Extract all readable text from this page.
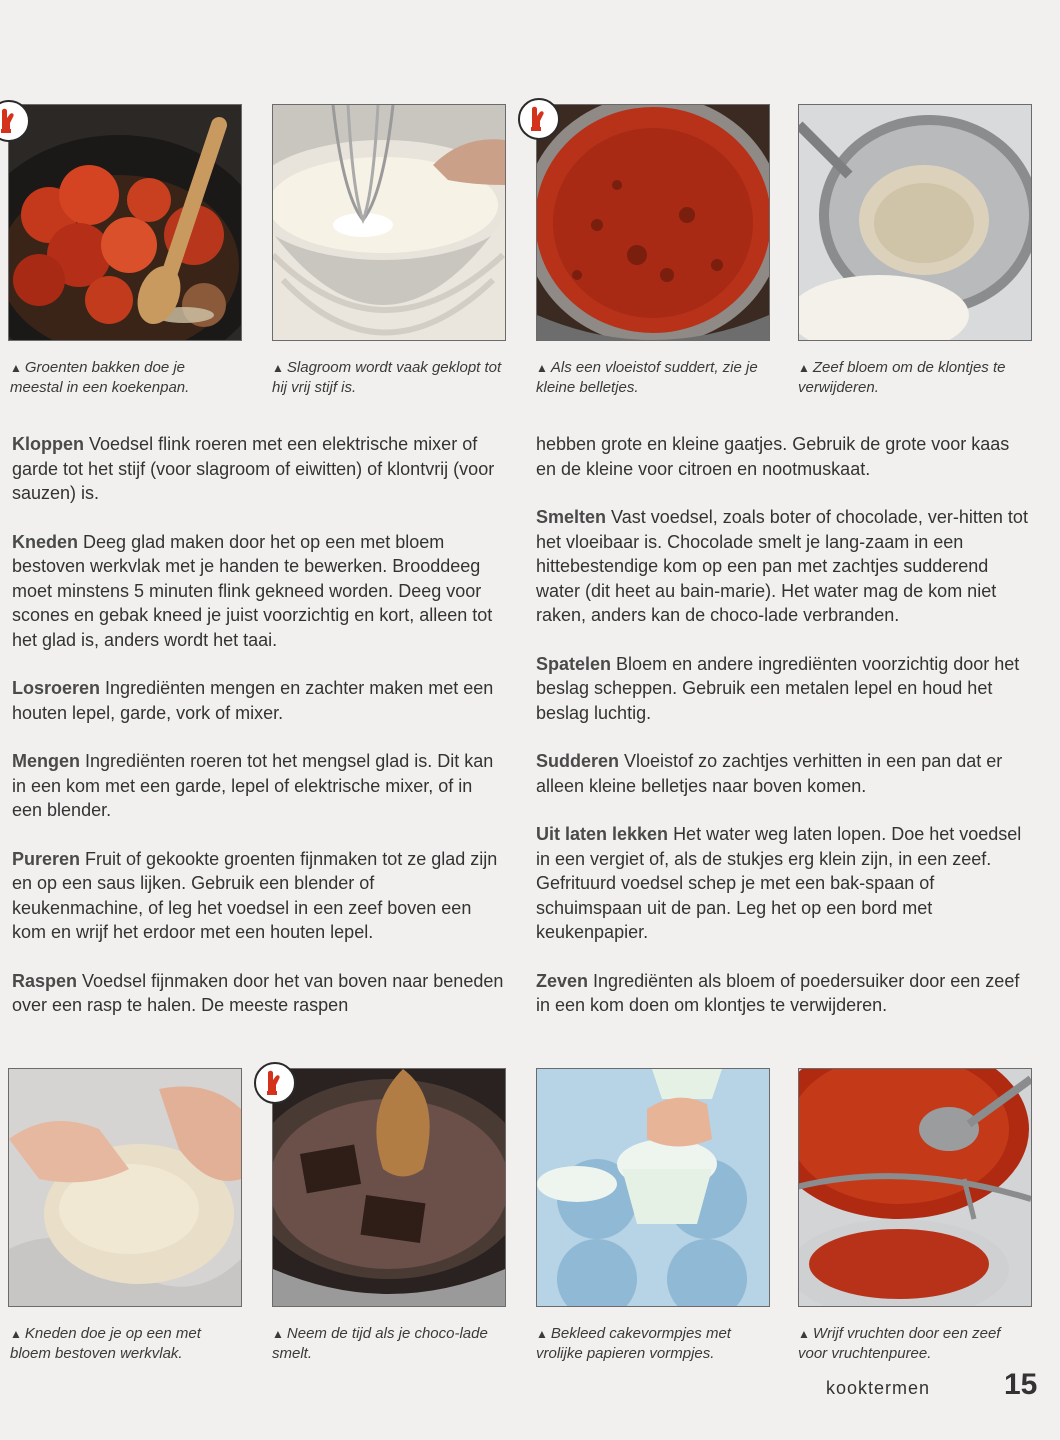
▲ Groenten bakken doe je meestal in een koekenpan.
▲ Slagroom wordt vaak geklopt tot hij vrij stijf is.
▲ Als een vloeistof suddert, zie je kleine belletjes.
▲ Zeef bloem om de klontjes te verwijderen.

Kloppen Voedsel flink roeren met een elektrische mixer of garde tot het stijf (voor slagroom of eiwitten) of klontvrij (voor sauzen) is.

Kneden Deeg glad maken door het op een met bloem bestoven werkvlak met je handen te bewerken. Brooddeeg moet minstens 5 minuten flink gekneed worden. Deeg voor scones en gebak kneed je juist voorzichtig en kort, alleen tot het glad is, anders wordt het taai.

Losroeren Ingrediënten mengen en zachter maken met een houten lepel, garde, vork of mixer.

Mengen Ingrediënten roeren tot het mengsel glad is. Dit kan in een kom met een garde, lepel of elektrische mixer, of in een blender.

Pureren Fruit of gekookte groenten fijnmaken tot ze glad zijn en op een saus lijken. Gebruik een blender of keukenmachine, of leg het voedsel in een zeef boven een kom en wrijf het erdoor met een houten lepel.

Raspen Voedsel fijnmaken door het van boven naar beneden over een rasp te halen. De meeste raspen

hebben grote en kleine gaatjes. Gebruik de grote voor kaas en de kleine voor citroen en nootmuskaat.

Smelten Vast voedsel, zoals boter of chocolade, ver-hitten tot het vloeibaar is. Chocolade smelt je lang-zaam in een hittebestendige kom op een pan met zachtjes sudderend water (dit heet au bain-marie). Het water mag de kom niet raken, anders kan de choco-lade verbranden.

Spatelen Bloem en andere ingrediënten voorzichtig door het beslag scheppen. Gebruik een metalen lepel en houd het beslag luchtig.

Sudderen Vloeistof zo zachtjes verhitten in een pan dat er alleen kleine belletjes naar boven komen.

Uit laten lekken Het water weg laten lopen. Doe het voedsel in een vergiet of, als de stukjes erg klein zijn, in een zeef. Gefrituurd voedsel schep je met een bak-spaan of schuimspaan uit de pan. Leg het op een bord met keukenpapier.

Zeven Ingrediënten als bloem of poedersuiker door een zeef in een kom doen om klontjes te verwijderen.

▲ Kneden doe je op een met bloem bestoven werkvlak.
▲ Neem de tijd als je choco-lade smelt.
▲ Bekleed cakevormpjes met vrolijke papieren vormpjes.
▲ Wrijf vruchten door een zeef voor vruchtenpuree.
kooktermen 15
